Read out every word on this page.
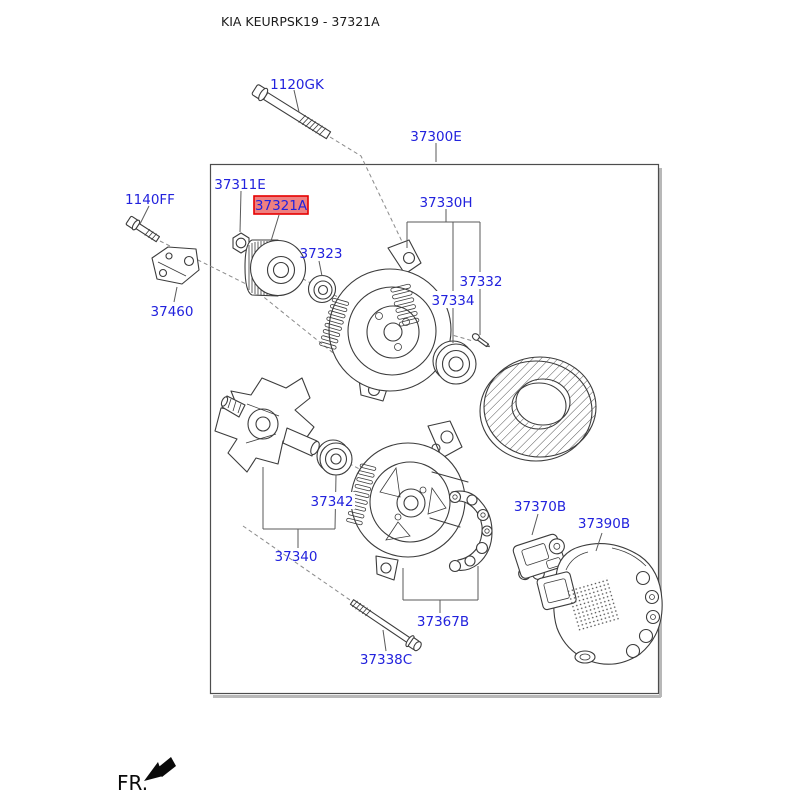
KIA KEURPSK19 - 37321A
1120GK
37300E
1140FF
37460
37311E
37321A
37323
37330H
37332
37334
37340
37342
37367B
37338C
37370B
37390B
FR.
